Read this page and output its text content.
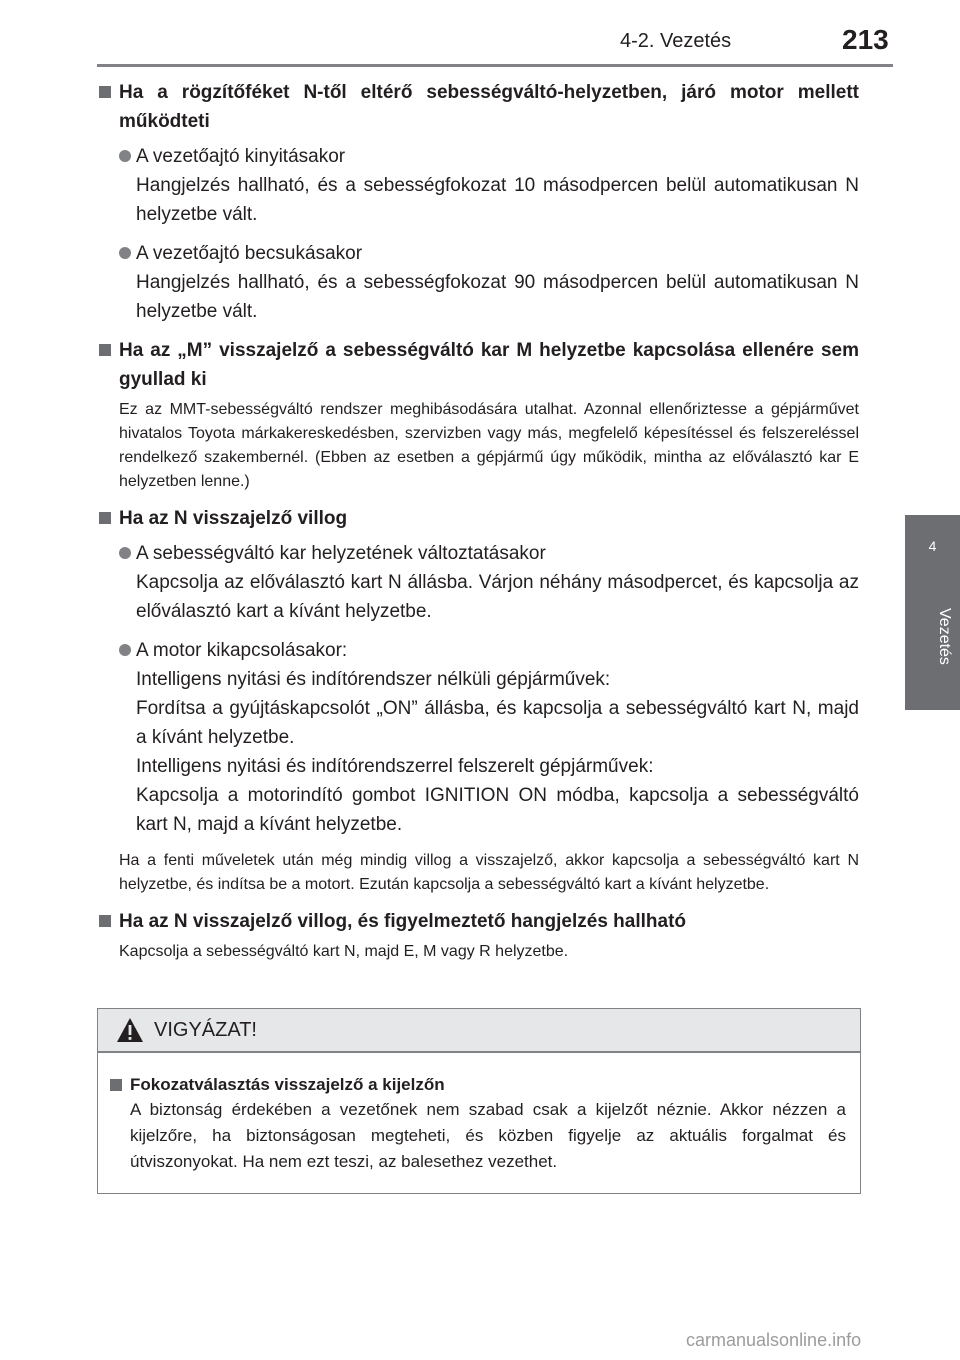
4-2. Vezetés	213
4
Vezetés
Ha a rögzítőféket N-től eltérő sebességváltó-helyzetben, járó motor mellett működteti
A vezetőajtó kinyitásakor
Hangjelzés hallható, és a sebességfokozat 10 másodpercen belül automatikusan N helyzetbe vált.
A vezetőajtó becsukásakor
Hangjelzés hallható, és a sebességfokozat 90 másodpercen belül automatikusan N helyzetbe vált.
Ha az „M” visszajelző a sebességváltó kar M helyzetbe kapcsolása ellenére sem gyullad ki
Ez az MMT-sebességváltó rendszer meghibásodására utalhat. Azonnal ellenőriztesse a gépjárművet hivatalos Toyota márkakereskedésben, szervizben vagy más, megfelelő képesítéssel és felszereléssel rendelkező szakembernél. (Ebben az esetben a gépjármű úgy működik, mintha az előválasztó kar E helyzetben lenne.)
Ha az N visszajelző villog
A sebességváltó kar helyzetének változtatásakor
Kapcsolja az előválasztó kart N állásba. Várjon néhány másodpercet, és kapcsolja az előválasztó kart a kívánt helyzetbe.
A motor kikapcsolásakor:
Intelligens nyitási és indítórendszer nélküli gépjárművek:
Fordítsa a gyújtáskapcsolót „ON” állásba, és kapcsolja a sebességváltó kart N, majd a kívánt helyzetbe.
Intelligens nyitási és indítórendszerrel felszerelt gépjárművek:
Kapcsolja a motorindító gombot IGNITION ON módba, kapcsolja a sebességváltó kart N, majd a kívánt helyzetbe.
Ha a fenti műveletek után még mindig villog a visszajelző, akkor kapcsolja a sebességváltó kart N helyzetbe, és indítsa be a motort. Ezután kapcsolja a sebességváltó kart a kívánt helyzetbe.
Ha az N visszajelző villog, és figyelmeztető hangjelzés hallható
Kapcsolja a sebességváltó kart N, majd E, M vagy R helyzetbe.
VIGYÁZAT!
Fokozatválasztás visszajelző a kijelzőn
A biztonság érdekében a vezetőnek nem szabad csak a kijelzőt néznie. Akkor nézzen a kijelzőre, ha biztonságosan megteheti, és közben figyelje az aktuális forgalmat és útviszonyokat. Ha nem ezt teszi, az balesethez vezethet.
carmanualsonline.info
